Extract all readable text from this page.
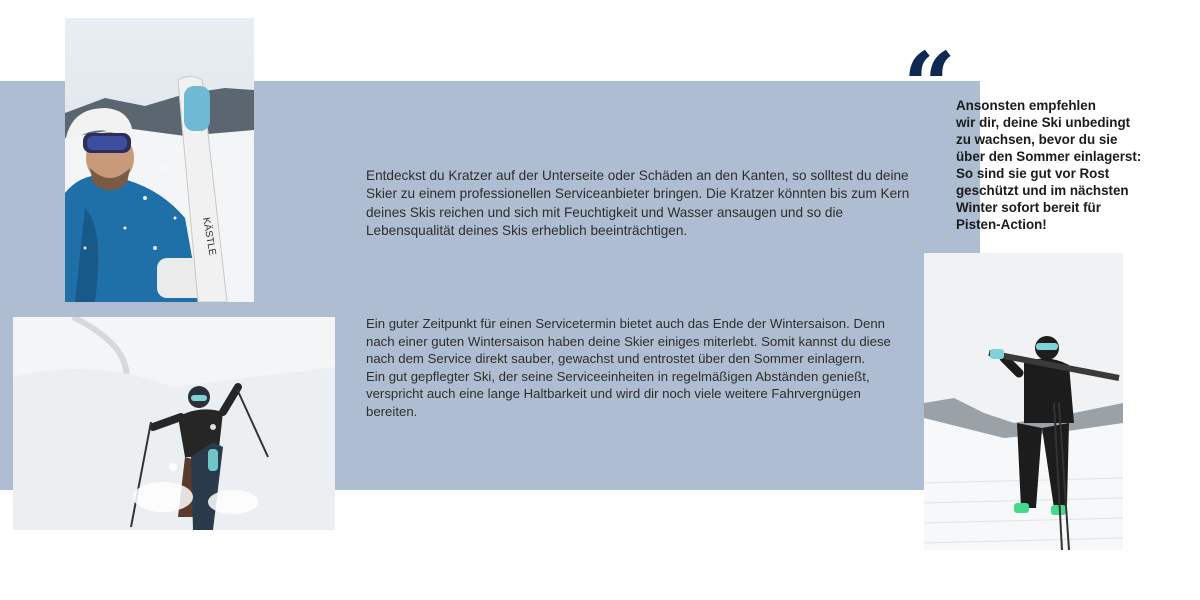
KÄSTLE

Entdeckst du Kratzer auf der Unterseite oder Schäden an den Kanten, so solltest du deine Skier zu einem professionellen Serviceanbieter bringen. Die Kratzer könnten bis zum Kern deines Skis reichen und sich mit Feuchtigkeit und Wasser ansaugen und so die Lebensqualität deines Skis erheblich beeinträchtigen.

Ein guter Zeitpunkt für einen Servicetermin bietet auch das Ende der Wintersaison. Denn nach einer guten Wintersaison haben deine Skier einiges miterlebt. Somit kannst du diese nach dem Service direkt sauber, gewachst und entrostet über den Sommer einlagern.

Ein gut gepflegter Ski, der seine Serviceeinheiten in regelmäßigen Abständen genießt, verspricht auch eine lange Haltbarkeit und wird dir noch viele weitere Fahrvergnügen bereiten.

“ Ansonsten empfehlen
wir dir, deine Ski unbedingt
zu wachsen, bevor du sie
über den Sommer einlagerst:
So sind sie gut vor Rost
geschützt und im nächsten
Winter sofort bereit für
Pisten-Action!
